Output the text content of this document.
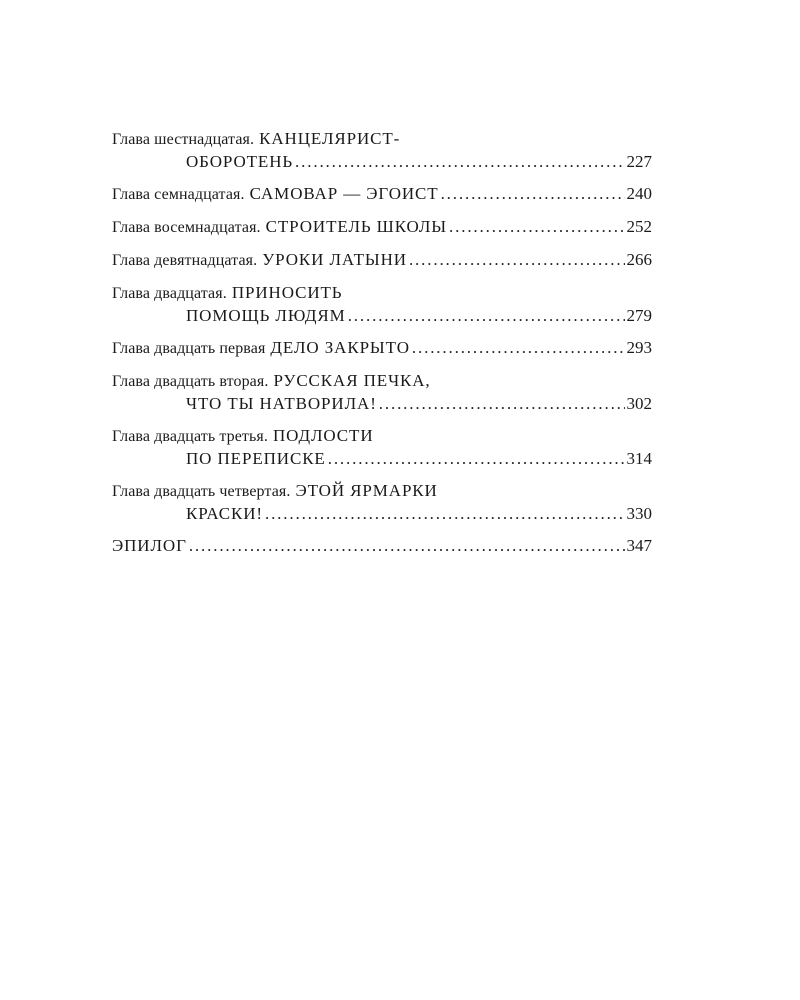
Глава шестнадцатая. КАНЦЕЛЯРИСТ-
ОБОРОТЕНЬ . . .	227
Глава семнадцатая. САМОВАР — ЭГОИСТ . . .	240
Глава восемнадцатая. СТРОИТЕЛЬ ШКОЛЫ . . .	252
Глава девятнадцатая. УРОКИ ЛАТЫНИ . . .	266
Глава двадцатая. ПРИНОСИТЬ
ПОМОЩЬ ЛЮДЯМ . . .	279
Глава двадцать первая ДЕЛО ЗАКРЫТО . . .	293
Глава двадцать вторая. РУССКАЯ ПЕЧКА,
ЧТО ТЫ НАТВОРИЛА! . . .	302
Глава двадцать третья. ПОДЛОСТИ
ПО ПЕРЕПИСКЕ . . .	314
Глава двадцать четвертая. ЭТОЙ ЯРМАРКИ
КРАСКИ! . . .	330
ЭПИЛОГ . . .	347
